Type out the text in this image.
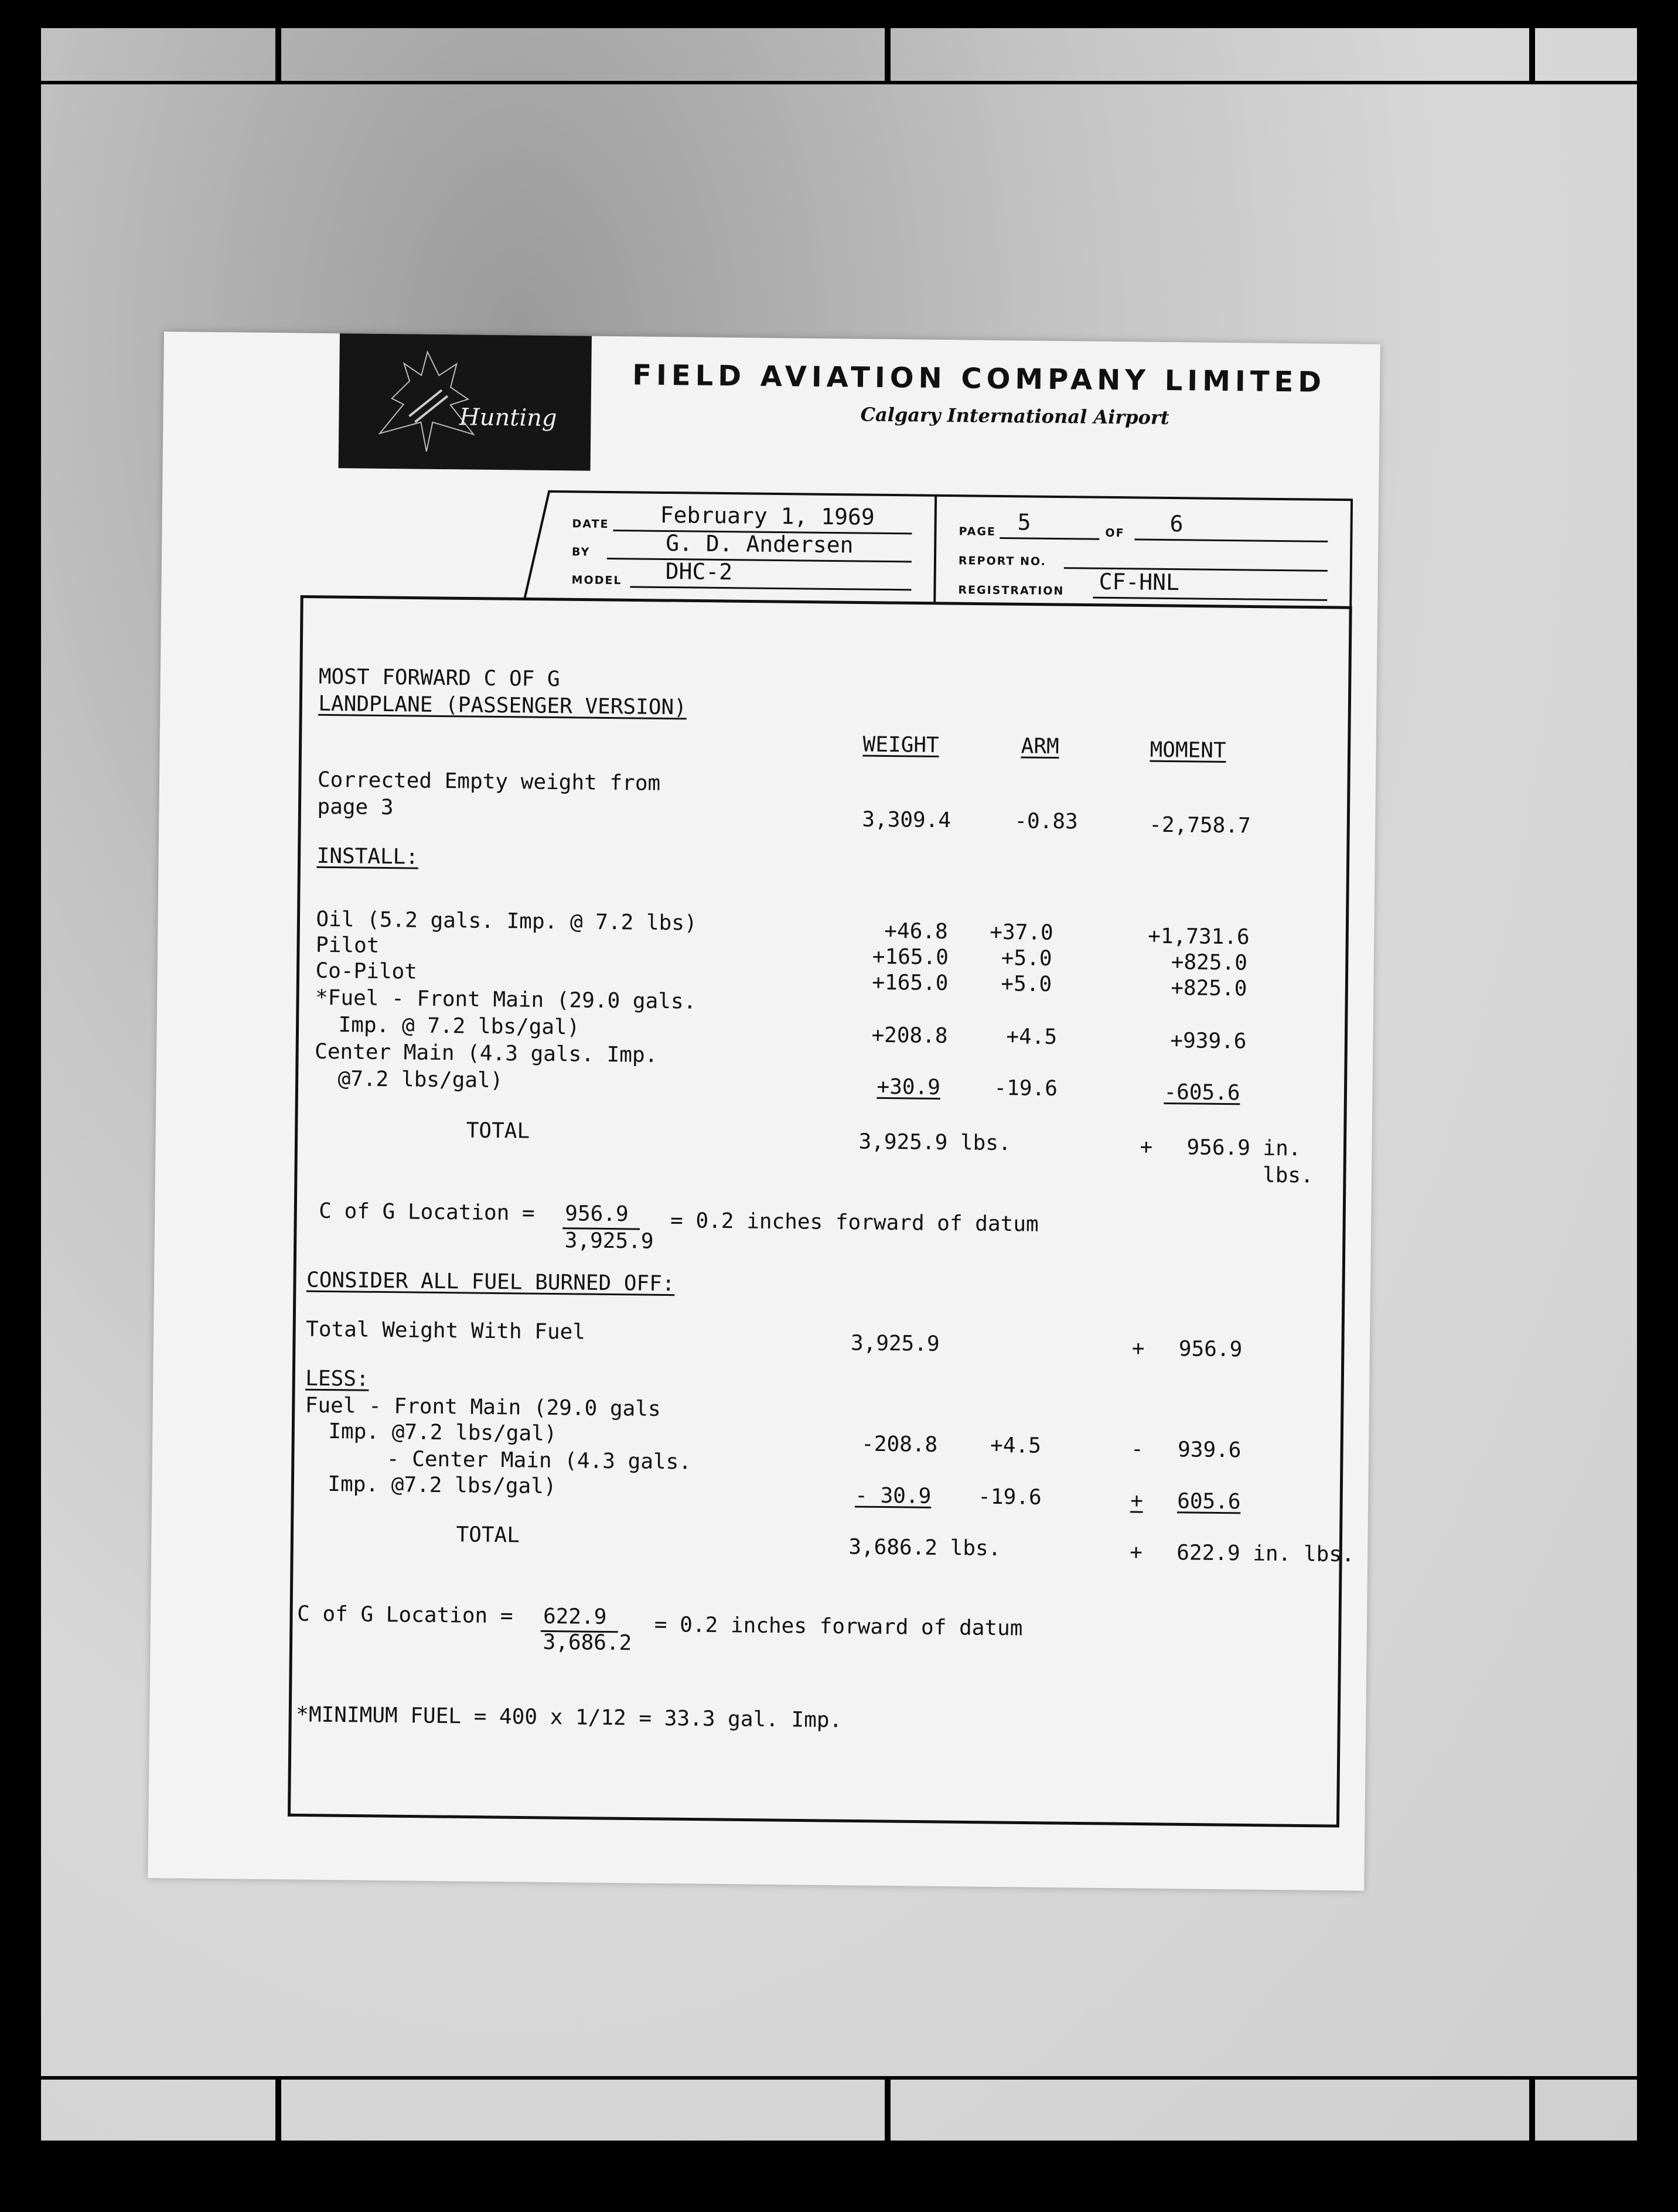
Hunting
FIELD AVIATION COMPANY LIMITED
Calgary International Airport
DATE February 1, 1969
BY	G. D. Andersen
MODEL DHC-2
PAGE 5	OF 6
REPORT NO.
REGISTRATION CF-HNL
MOST FORWARD C OF G
LANDPLANE (PASSENGER VERSION)
WEIGHT	ARM	MOMENT
Corrected Empty weight from
page 3
3,309.4	-0.83	-2,758.7
INSTALL:
Oil (5.2 gals. Imp. @ 7.2 lbs)	+46.8 +37.0	+1,731.6
Pilot	+165.0 +5.0	+825.0
Co-Pilot	+165.0 +5.0	+825.0
*Fuel - Front Main (29.0 gals.
Imp. @ 7.2 lbs/gal)	+208.8	+4.5	+939.6
Center Main (4.3 gals. Imp.
@7.2 lbs/gal)	+30.9	-19.6	-605.6
TOTAL	3,925.9 lbs.	+ 956.9 in.
lbs.
C of G Location = 956.9
3,925.9
= 0.2 inches forward of datum
CONSIDER ALL FUEL BURNED OFF:
Total Weight With Fuel	3,925.9	+ 956.9
LESS:
Fuel - Front Main (29.0 gals
Imp. @7.2 lbs/gal)	-208.8 +4.5	- 939.6
- Center Main (4.3 gals.
Imp. @7.2 lbs/gal)	- 30.9 -19.6	+ 605.6
TOTAL	3,686.2 lbs.	+ 622.9 in. lbs.
C of G Location = 622.9
3,686.2
= 0.2 inches forward of datum
*MINIMUM FUEL = 400 x 1/12 = 33.3 gal. Imp.
